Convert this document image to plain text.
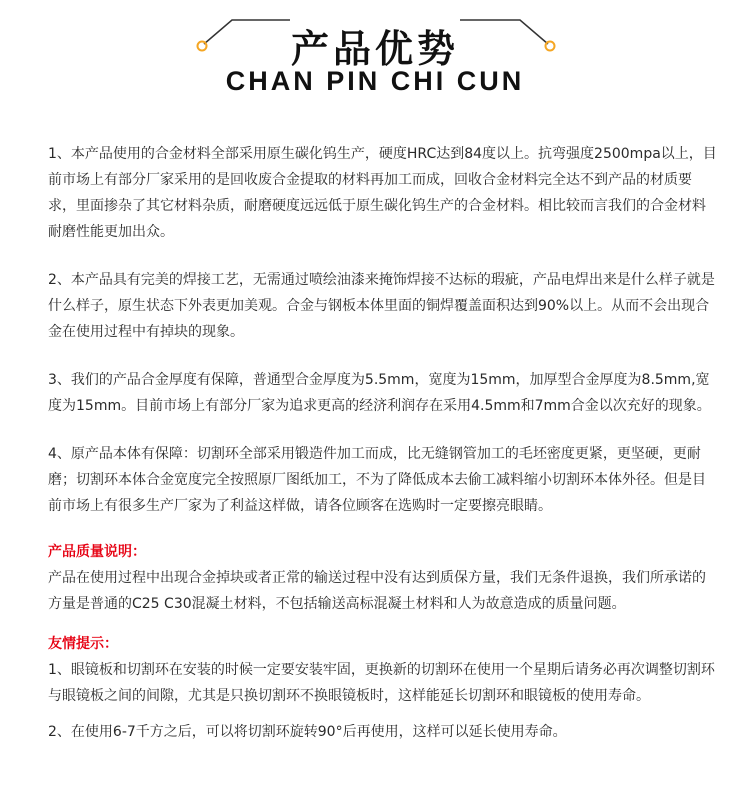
产品优势
CHAN PIN CHI CUN

1、本产品使用的合金材料全部采用原生碳化钨生产，硬度HRC达到84度以上。抗弯强度2500mpa以上，目前市场上有部分厂家采用的是回收废合金提取的材料再加工而成，回收合金材料完全达不到产品的材质要求，里面掺杂了其它材料杂质，耐磨硬度远远低于原生碳化钨生产的合金材料。相比较而言我们的合金材料耐磨性能更加出众。

2、本产品具有完美的焊接工艺，无需通过喷绘油漆来掩饰焊接不达标的瑕疵，产品电焊出来是什么样子就是什么样子，原生状态下外表更加美观。合金与钢板本体里面的铜焊覆盖面积达到90%以上。从而不会出现合金在使用过程中有掉块的现象。

3、我们的产品合金厚度有保障，普通型合金厚度为5.5mm，宽度为15mm，加厚型合金厚度为8.5mm,宽度为15mm。目前市场上有部分厂家为追求更高的经济利润存在采用4.5mm和7mm合金以次充好的现象。

4、原产品本体有保障：切割环全部采用锻造件加工而成，比无缝钢管加工的毛坯密度更紧，更坚硬，更耐磨；切割环本体合金宽度完全按照原厂图纸加工，不为了降低成本去偷工减料缩小切割环本体外径。但是目前市场上有很多生产厂家为了利益这样做，请各位顾客在选购时一定要擦亮眼睛。

产品质量说明：

产品在使用过程中出现合金掉块或者正常的输送过程中没有达到质保方量，我们无条件退换，我们所承诺的方量是普通的C25 C30混凝土材料，不包括输送高标混凝土材料和人为故意造成的质量问题。

友情提示：

1、眼镜板和切割环在安装的时候一定要安装牢固，更换新的切割环在使用一个星期后请务必再次调整切割环与眼镜板之间的间隙，尤其是只换切割环不换眼镜板时，这样能延长切割环和眼镜板的使用寿命。

2、在使用6-7千方之后，可以将切割环旋转90°后再使用，这样可以延长使用寿命。
